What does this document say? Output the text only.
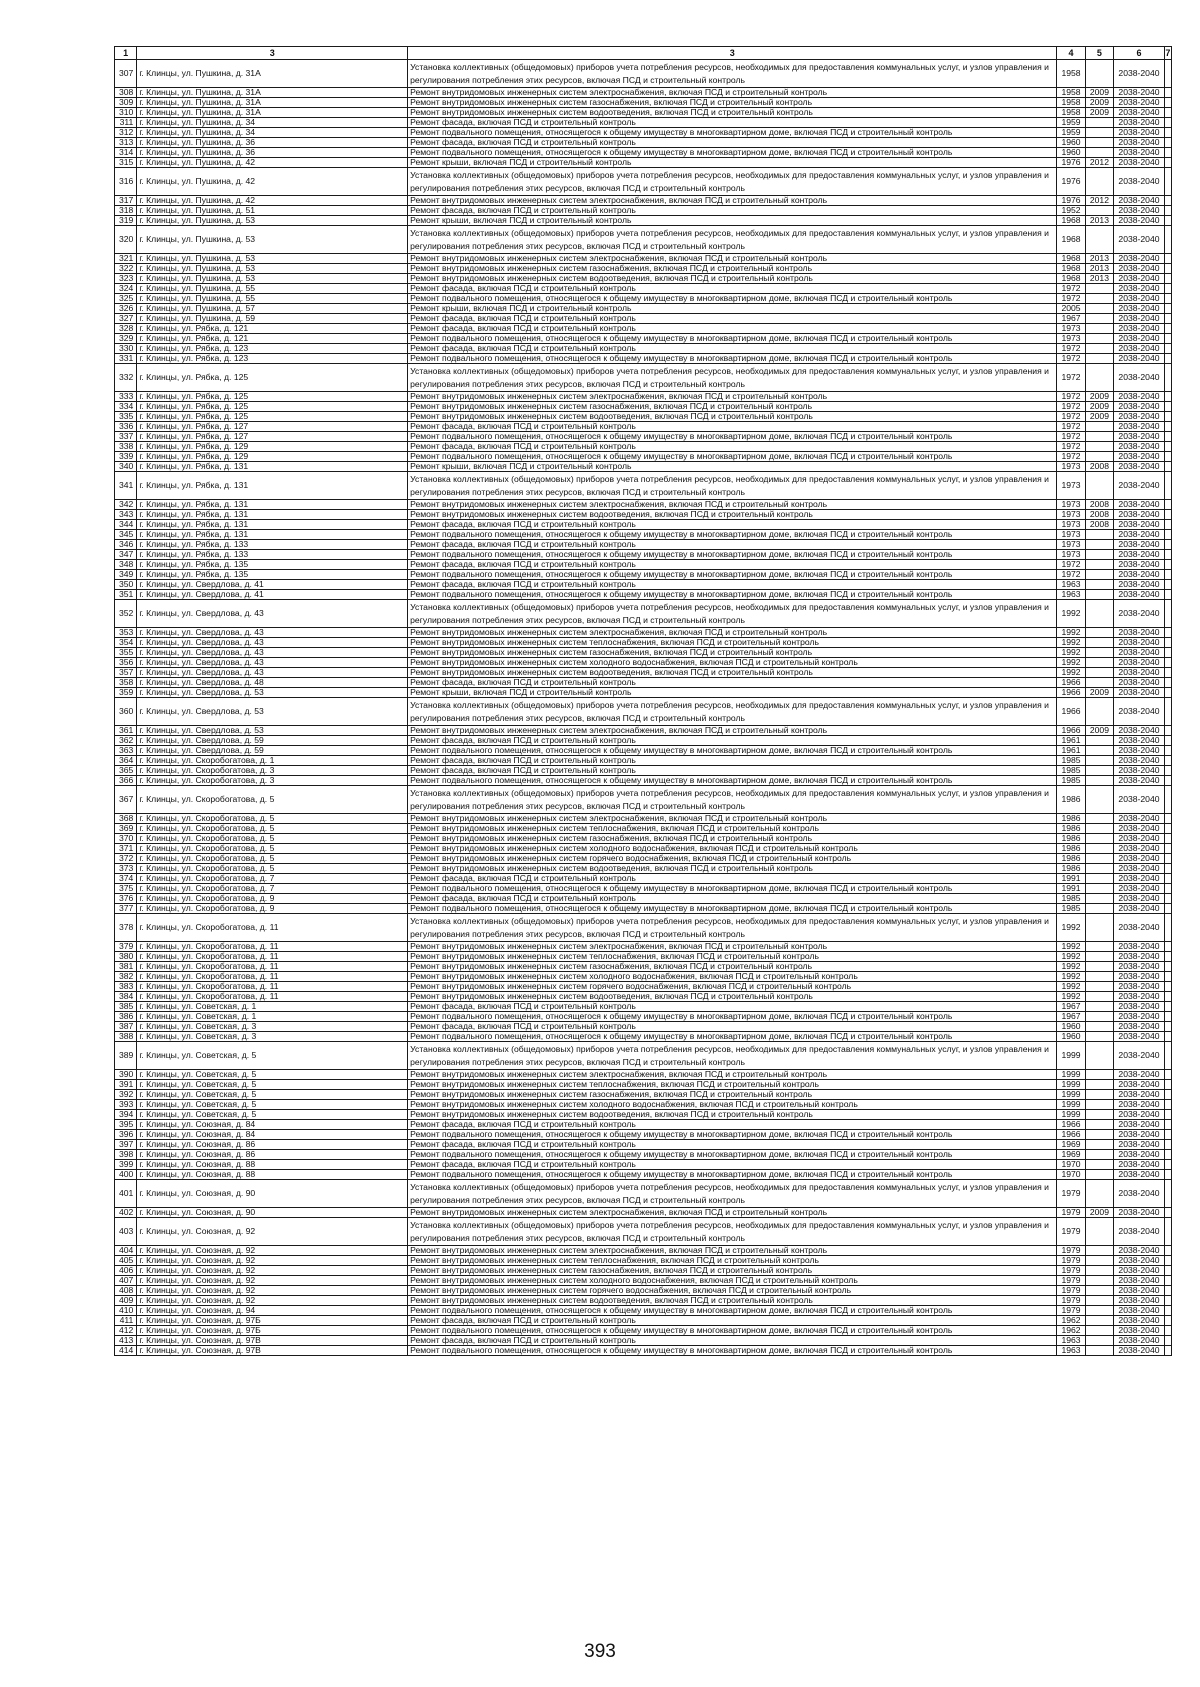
1	3	3	4	5	6	7
307	г. Клинцы, ул. Пушкина, д. 31А	Установка коллективных (общедомовых) приборов учета потребления ресурсов, необходимых для предоставления коммунальных услуг, и узлов управления и регулирования потребления этих ресурсов, включая ПСД и строительный контроль	1958		2038-2040	
308	г. Клинцы, ул. Пушкина, д. 31А	Ремонт внутридомовых инженерных систем электроснабжения, включая ПСД и строительный контроль	1958	2009	2038-2040	
309	г. Клинцы, ул. Пушкина, д. 31А	Ремонт внутридомовых инженерных систем газоснабжения, включая ПСД и строительный контроль	1958	2009	2038-2040	
310	г. Клинцы, ул. Пушкина, д. 31А	Ремонт внутридомовых инженерных систем водоотведения, включая ПСД и строительный контроль	1958	2009	2038-2040	
311	г. Клинцы, ул. Пушкина, д. 34	Ремонт фасада, включая ПСД и строительный контроль	1959		2038-2040	
312	г. Клинцы, ул. Пушкина, д. 34	Ремонт подвального помещения, относящегося к общему имуществу в многоквартирном доме, включая ПСД и строительный контроль	1959		2038-2040	
313	г. Клинцы, ул. Пушкина, д. 36	Ремонт фасада, включая ПСД и строительный контроль	1960		2038-2040	
314	г. Клинцы, ул. Пушкина, д. 36	Ремонт подвального помещения, относящегося к общему имуществу в многоквартирном доме, включая ПСД и строительный контроль	1960		2038-2040	
315	г. Клинцы, ул. Пушкина, д. 42	Ремонт крыши, включая ПСД и строительный контроль	1976	2012	2038-2040	
316	г. Клинцы, ул. Пушкина, д. 42	Установка коллективных (общедомовых) приборов учета потребления ресурсов, необходимых для предоставления коммунальных услуг, и узлов управления и регулирования потребления этих ресурсов, включая ПСД и строительный контроль	1976		2038-2040	
317	г. Клинцы, ул. Пушкина, д. 42	Ремонт внутридомовых инженерных систем электроснабжения, включая ПСД и строительный контроль	1976	2012	2038-2040	
318	г. Клинцы, ул. Пушкина, д. 51	Ремонт фасада, включая ПСД и строительный контроль	1952		2038-2040	
319	г. Клинцы, ул. Пушкина, д. 53	Ремонт крыши, включая ПСД и строительный контроль	1968	2013	2038-2040	
320	г. Клинцы, ул. Пушкина, д. 53	Установка коллективных (общедомовых) приборов учета потребления ресурсов, необходимых для предоставления коммунальных услуг, и узлов управления и регулирования потребления этих ресурсов, включая ПСД и строительный контроль	1968		2038-2040	
321	г. Клинцы, ул. Пушкина, д. 53	Ремонт внутридомовых инженерных систем электроснабжения, включая ПСД и строительный контроль	1968	2013	2038-2040	
322	г. Клинцы, ул. Пушкина, д. 53	Ремонт внутридомовых инженерных систем газоснабжения, включая ПСД и строительный контроль	1968	2013	2038-2040	
323	г. Клинцы, ул. Пушкина, д. 53	Ремонт внутридомовых инженерных систем водоотведения, включая ПСД и строительный контроль	1968	2013	2038-2040	
324	г. Клинцы, ул. Пушкина, д. 55	Ремонт фасада, включая ПСД и строительный контроль	1972		2038-2040	
325	г. Клинцы, ул. Пушкина, д. 55	Ремонт подвального помещения, относящегося к общему имуществу в многоквартирном доме, включая ПСД и строительный контроль	1972		2038-2040	
326	г. Клинцы, ул. Пушкина, д. 57	Ремонт крыши, включая ПСД и строительный контроль	2005		2038-2040	
327	г. Клинцы, ул. Пушкина, д. 59	Ремонт фасада, включая ПСД и строительный контроль	1967		2038-2040	
328	г. Клинцы, ул. Рябка, д. 121	Ремонт фасада, включая ПСД и строительный контроль	1973		2038-2040	
329	г. Клинцы, ул. Рябка, д. 121	Ремонт подвального помещения, относящегося к общему имуществу в многоквартирном доме, включая ПСД и строительный контроль	1973		2038-2040	
330	г. Клинцы, ул. Рябка, д. 123	Ремонт фасада, включая ПСД и строительный контроль	1972		2038-2040	
331	г. Клинцы, ул. Рябка, д. 123	Ремонт подвального помещения, относящегося к общему имуществу в многоквартирном доме, включая ПСД и строительный контроль	1972		2038-2040	
332	г. Клинцы, ул. Рябка, д. 125	Установка коллективных (общедомовых) приборов учета потребления ресурсов, необходимых для предоставления коммунальных услуг, и узлов управления и регулирования потребления этих ресурсов, включая ПСД и строительный контроль	1972		2038-2040	
333	г. Клинцы, ул. Рябка, д. 125	Ремонт внутридомовых инженерных систем электроснабжения, включая ПСД и строительный контроль	1972	2009	2038-2040	
334	г. Клинцы, ул. Рябка, д. 125	Ремонт внутридомовых инженерных систем газоснабжения, включая ПСД и строительный контроль	1972	2009	2038-2040	
335	г. Клинцы, ул. Рябка, д. 125	Ремонт внутридомовых инженерных систем водоотведения, включая ПСД и строительный контроль	1972	2009	2038-2040	
336	г. Клинцы, ул. Рябка, д. 127	Ремонт фасада, включая ПСД и строительный контроль	1972		2038-2040	
337	г. Клинцы, ул. Рябка, д. 127	Ремонт подвального помещения, относящегося к общему имуществу в многоквартирном доме, включая ПСД и строительный контроль	1972		2038-2040	
338	г. Клинцы, ул. Рябка, д. 129	Ремонт фасада, включая ПСД и строительный контроль	1972		2038-2040	
339	г. Клинцы, ул. Рябка, д. 129	Ремонт подвального помещения, относящегося к общему имуществу в многоквартирном доме, включая ПСД и строительный контроль	1972		2038-2040	
340	г. Клинцы, ул. Рябка, д. 131	Ремонт крыши, включая ПСД и строительный контроль	1973	2008	2038-2040	
341	г. Клинцы, ул. Рябка, д. 131	Установка коллективных (общедомовых) приборов учета потребления ресурсов, необходимых для предоставления коммунальных услуг, и узлов управления и регулирования потребления этих ресурсов, включая ПСД и строительный контроль	1973		2038-2040	
342	г. Клинцы, ул. Рябка, д. 131	Ремонт внутридомовых инженерных систем электроснабжения, включая ПСД и строительный контроль	1973	2008	2038-2040	
343	г. Клинцы, ул. Рябка, д. 131	Ремонт внутридомовых инженерных систем водоотведения, включая ПСД и строительный контроль	1973	2008	2038-2040	
344	г. Клинцы, ул. Рябка, д. 131	Ремонт фасада, включая ПСД и строительный контроль	1973	2008	2038-2040	
345	г. Клинцы, ул. Рябка, д. 131	Ремонт подвального помещения, относящегося к общему имуществу в многоквартирном доме, включая ПСД и строительный контроль	1973		2038-2040	
346	г. Клинцы, ул. Рябка, д. 133	Ремонт фасада, включая ПСД и строительный контроль	1973		2038-2040	
347	г. Клинцы, ул. Рябка, д. 133	Ремонт подвального помещения, относящегося к общему имуществу в многоквартирном доме, включая ПСД и строительный контроль	1973		2038-2040	
348	г. Клинцы, ул. Рябка, д. 135	Ремонт фасада, включая ПСД и строительный контроль	1972		2038-2040	
349	г. Клинцы, ул. Рябка, д. 135	Ремонт подвального помещения, относящегося к общему имуществу в многоквартирном доме, включая ПСД и строительный контроль	1972		2038-2040	
350	г. Клинцы, ул. Свердлова, д. 41	Ремонт фасада, включая ПСД и строительный контроль	1963		2038-2040	
351	г. Клинцы, ул. Свердлова, д. 41	Ремонт подвального помещения, относящегося к общему имуществу в многоквартирном доме, включая ПСД и строительный контроль	1963		2038-2040	
352	г. Клинцы, ул. Свердлова, д. 43	Установка коллективных (общедомовых) приборов учета потребления ресурсов, необходимых для предоставления коммунальных услуг, и узлов управления и регулирования потребления этих ресурсов, включая ПСД и строительный контроль	1992		2038-2040	
353	г. Клинцы, ул. Свердлова, д. 43	Ремонт внутридомовых инженерных систем электроснабжения, включая ПСД и строительный контроль	1992		2038-2040	
354	г. Клинцы, ул. Свердлова, д. 43	Ремонт внутридомовых инженерных систем теплоснабжения, включая ПСД и строительный контроль	1992		2038-2040	
355	г. Клинцы, ул. Свердлова, д. 43	Ремонт внутридомовых инженерных систем газоснабжения, включая ПСД и строительный контроль	1992		2038-2040	
356	г. Клинцы, ул. Свердлова, д. 43	Ремонт внутридомовых инженерных систем холодного водоснабжения, включая ПСД и строительный контроль	1992		2038-2040	
357	г. Клинцы, ул. Свердлова, д. 43	Ремонт внутридомовых инженерных систем водоотведения, включая ПСД и строительный контроль	1992		2038-2040	
358	г. Клинцы, ул. Свердлова, д. 48	Ремонт фасада, включая ПСД и строительный контроль	1966		2038-2040	
359	г. Клинцы, ул. Свердлова, д. 53	Ремонт крыши, включая ПСД и строительный контроль	1966	2009	2038-2040	
360	г. Клинцы, ул. Свердлова, д. 53	Установка коллективных (общедомовых) приборов учета потребления ресурсов, необходимых для предоставления коммунальных услуг, и узлов управления и регулирования потребления этих ресурсов, включая ПСД и строительный контроль	1966		2038-2040	
361	г. Клинцы, ул. Свердлова, д. 53	Ремонт внутридомовых инженерных систем электроснабжения, включая ПСД и строительный контроль	1966	2009	2038-2040	
362	г. Клинцы, ул. Свердлова, д. 59	Ремонт фасада, включая ПСД и строительный контроль	1961		2038-2040	
363	г. Клинцы, ул. Свердлова, д. 59	Ремонт подвального помещения, относящегося к общему имуществу в многоквартирном доме, включая ПСД и строительный контроль	1961		2038-2040	
364	г. Клинцы, ул. Скоробогатова, д. 1	Ремонт фасада, включая ПСД и строительный контроль	1985		2038-2040	
365	г. Клинцы, ул. Скоробогатова, д. 3	Ремонт фасада, включая ПСД и строительный контроль	1985		2038-2040	
366	г. Клинцы, ул. Скоробогатова, д. 3	Ремонт подвального помещения, относящегося к общему имуществу в многоквартирном доме, включая ПСД и строительный контроль	1985		2038-2040	
367	г. Клинцы, ул. Скоробогатова, д. 5	Установка коллективных (общедомовых) приборов учета потребления ресурсов, необходимых для предоставления коммунальных услуг, и узлов управления и регулирования потребления этих ресурсов, включая ПСД и строительный контроль	1986		2038-2040	
368	г. Клинцы, ул. Скоробогатова, д. 5	Ремонт внутридомовых инженерных систем электроснабжения, включая ПСД и строительный контроль	1986		2038-2040	
369	г. Клинцы, ул. Скоробогатова, д. 5	Ремонт внутридомовых инженерных систем теплоснабжения, включая ПСД и строительный контроль	1986		2038-2040	
370	г. Клинцы, ул. Скоробогатова, д. 5	Ремонт внутридомовых инженерных систем газоснабжения, включая ПСД и строительный контроль	1986		2038-2040	
371	г. Клинцы, ул. Скоробогатова, д. 5	Ремонт внутридомовых инженерных систем холодного водоснабжения, включая ПСД и строительный контроль	1986		2038-2040	
372	г. Клинцы, ул. Скоробогатова, д. 5	Ремонт внутридомовых инженерных систем горячего водоснабжения, включая ПСД и строительный контроль	1986		2038-2040	
373	г. Клинцы, ул. Скоробогатова, д. 5	Ремонт внутридомовых инженерных систем водоотведения, включая ПСД и строительный контроль	1986		2038-2040	
374	г. Клинцы, ул. Скоробогатова, д. 7	Ремонт фасада, включая ПСД и строительный контроль	1991		2038-2040	
375	г. Клинцы, ул. Скоробогатова, д. 7	Ремонт подвального помещения, относящегося к общему имуществу в многоквартирном доме, включая ПСД и строительный контроль	1991		2038-2040	
376	г. Клинцы, ул. Скоробогатова, д. 9	Ремонт фасада, включая ПСД и строительный контроль	1985		2038-2040	
377	г. Клинцы, ул. Скоробогатова, д. 9	Ремонт подвального помещения, относящегося к общему имуществу в многоквартирном доме, включая ПСД и строительный контроль	1985		2038-2040	
378	г. Клинцы, ул. Скоробогатова, д. 11	Установка коллективных (общедомовых) приборов учета потребления ресурсов, необходимых для предоставления коммунальных услуг, и узлов управления и регулирования потребления этих ресурсов, включая ПСД и строительный контроль	1992		2038-2040	
379	г. Клинцы, ул. Скоробогатова, д. 11	Ремонт внутридомовых инженерных систем электроснабжения, включая ПСД и строительный контроль	1992		2038-2040	
380	г. Клинцы, ул. Скоробогатова, д. 11	Ремонт внутридомовых инженерных систем теплоснабжения, включая ПСД и строительный контроль	1992		2038-2040	
381	г. Клинцы, ул. Скоробогатова, д. 11	Ремонт внутридомовых инженерных систем газоснабжения, включая ПСД и строительный контроль	1992		2038-2040	
382	г. Клинцы, ул. Скоробогатова, д. 11	Ремонт внутридомовых инженерных систем холодного водоснабжения, включая ПСД и строительный контроль	1992		2038-2040	
383	г. Клинцы, ул. Скоробогатова, д. 11	Ремонт внутридомовых инженерных систем горячего водоснабжения, включая ПСД и строительный контроль	1992		2038-2040	
384	г. Клинцы, ул. Скоробогатова, д. 11	Ремонт внутридомовых инженерных систем водоотведения, включая ПСД и строительный контроль	1992		2038-2040	
385	г. Клинцы, ул. Советская, д. 1	Ремонт фасада, включая ПСД и строительный контроль	1967		2038-2040	
386	г. Клинцы, ул. Советская, д. 1	Ремонт подвального помещения, относящегося к общему имуществу в многоквартирном доме, включая ПСД и строительный контроль	1967		2038-2040	
387	г. Клинцы, ул. Советская, д. 3	Ремонт фасада, включая ПСД и строительный контроль	1960		2038-2040	
388	г. Клинцы, ул. Советская, д. 3	Ремонт подвального помещения, относящегося к общему имуществу в многоквартирном доме, включая ПСД и строительный контроль	1960		2038-2040	
389	г. Клинцы, ул. Советская, д. 5	Установка коллективных (общедомовых) приборов учета потребления ресурсов, необходимых для предоставления коммунальных услуг, и узлов управления и регулирования потребления этих ресурсов, включая ПСД и строительный контроль	1999		2038-2040	
390	г. Клинцы, ул. Советская, д. 5	Ремонт внутридомовых инженерных систем электроснабжения, включая ПСД и строительный контроль	1999		2038-2040	
391	г. Клинцы, ул. Советская, д. 5	Ремонт внутридомовых инженерных систем теплоснабжения, включая ПСД и строительный контроль	1999		2038-2040	
392	г. Клинцы, ул. Советская, д. 5	Ремонт внутридомовых инженерных систем газоснабжения, включая ПСД и строительный контроль	1999		2038-2040	
393	г. Клинцы, ул. Советская, д. 5	Ремонт внутридомовых инженерных систем холодного водоснабжения, включая ПСД и строительный контроль	1999		2038-2040	
394	г. Клинцы, ул. Советская, д. 5	Ремонт внутридомовых инженерных систем водоотведения, включая ПСД и строительный контроль	1999		2038-2040	
395	г. Клинцы, ул. Союзная, д. 84	Ремонт фасада, включая ПСД и строительный контроль	1966		2038-2040	
396	г. Клинцы, ул. Союзная, д. 84	Ремонт подвального помещения, относящегося к общему имуществу в многоквартирном доме, включая ПСД и строительный контроль	1966		2038-2040	
397	г. Клинцы, ул. Союзная, д. 86	Ремонт фасада, включая ПСД и строительный контроль	1969		2038-2040	
398	г. Клинцы, ул. Союзная, д. 86	Ремонт подвального помещения, относящегося к общему имуществу в многоквартирном доме, включая ПСД и строительный контроль	1969		2038-2040	
399	г. Клинцы, ул. Союзная, д. 88	Ремонт фасада, включая ПСД и строительный контроль	1970		2038-2040	
400	г. Клинцы, ул. Союзная, д. 88	Ремонт подвального помещения, относящегося к общему имуществу в многоквартирном доме, включая ПСД и строительный контроль	1970		2038-2040	
401	г. Клинцы, ул. Союзная, д. 90	Установка коллективных (общедомовых) приборов учета потребления ресурсов, необходимых для предоставления коммунальных услуг, и узлов управления и регулирования потребления этих ресурсов, включая ПСД и строительный контроль	1979		2038-2040	
402	г. Клинцы, ул. Союзная, д. 90	Ремонт внутридомовых инженерных систем электроснабжения, включая ПСД и строительный контроль	1979	2009	2038-2040	
403	г. Клинцы, ул. Союзная, д. 92	Установка коллективных (общедомовых) приборов учета потребления ресурсов, необходимых для предоставления коммунальных услуг, и узлов управления и регулирования потребления этих ресурсов, включая ПСД и строительный контроль	1979		2038-2040	
404	г. Клинцы, ул. Союзная, д. 92	Ремонт внутридомовых инженерных систем электроснабжения, включая ПСД и строительный контроль	1979		2038-2040	
405	г. Клинцы, ул. Союзная, д. 92	Ремонт внутридомовых инженерных систем теплоснабжения, включая ПСД и строительный контроль	1979		2038-2040	
406	г. Клинцы, ул. Союзная, д. 92	Ремонт внутридомовых инженерных систем газоснабжения, включая ПСД и строительный контроль	1979		2038-2040	
407	г. Клинцы, ул. Союзная, д. 92	Ремонт внутридомовых инженерных систем холодного водоснабжения, включая ПСД и строительный контроль	1979		2038-2040	
408	г. Клинцы, ул. Союзная, д. 92	Ремонт внутридомовых инженерных систем горячего водоснабжения, включая ПСД и строительный контроль	1979		2038-2040	
409	г. Клинцы, ул. Союзная, д. 92	Ремонт внутридомовых инженерных систем водоотведения, включая ПСД и строительный контроль	1979		2038-2040	
410	г. Клинцы, ул. Союзная, д. 94	Ремонт подвального помещения, относящегося к общему имуществу в многоквартирном доме, включая ПСД и строительный контроль	1979		2038-2040	
411	г. Клинцы, ул. Союзная, д. 97Б	Ремонт фасада, включая ПСД и строительный контроль	1962		2038-2040	
412	г. Клинцы, ул. Союзная, д. 97Б	Ремонт подвального помещения, относящегося к общему имуществу в многоквартирном доме, включая ПСД и строительный контроль	1962		2038-2040	
413	г. Клинцы, ул. Союзная, д. 97В	Ремонт фасада, включая ПСД и строительный контроль	1963		2038-2040	
414	г. Клинцы, ул. Союзная, д. 97В	Ремонт подвального помещения, относящегося к общему имуществу в многоквартирном доме, включая ПСД и строительный контроль	1963		2038-2040	
393
